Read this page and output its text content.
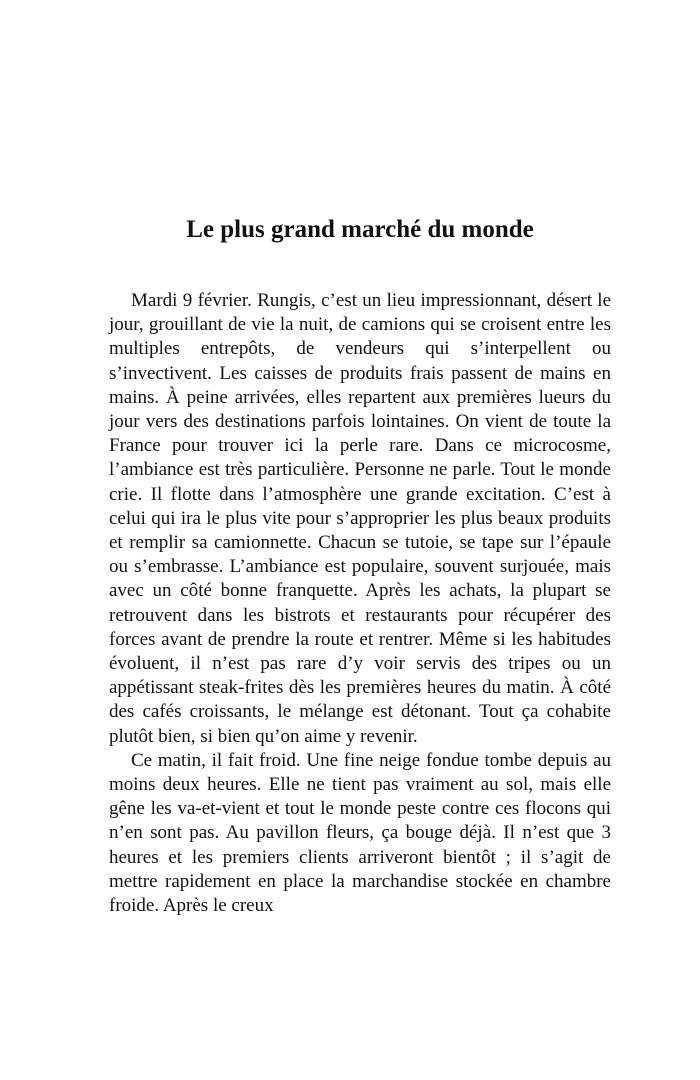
Le plus grand marché du monde

Mardi 9 février. Rungis, c’est un lieu impressionnant, désert le jour, grouillant de vie la nuit, de camions qui se croisent entre les multiples entrepôts, de vendeurs qui s’interpellent ou s’invectivent. Les caisses de produits frais passent de mains en mains. À peine arrivées, elles repartent aux premières lueurs du jour vers des destinations parfois lointaines. On vient de toute la France pour trouver ici la perle rare. Dans ce microcosme, l’ambiance est très particulière. Personne ne parle. Tout le monde crie. Il flotte dans l’atmosphère une grande excitation. C’est à celui qui ira le plus vite pour s’approprier les plus beaux produits et remplir sa camionnette. Chacun se tutoie, se tape sur l’épaule ou s’embrasse. L’ambiance est populaire, souvent surjouée, mais avec un côté bonne franquette. Après les achats, la plupart se retrouvent dans les bistrots et restaurants pour récupérer des forces avant de prendre la route et rentrer. Même si les habitudes évoluent, il n’est pas rare d’y voir servis des tripes ou un appétissant steak-frites dès les premières heures du matin. À côté des cafés croissants, le mélange est détonant. Tout ça cohabite plutôt bien, si bien qu’on aime y revenir.

Ce matin, il fait froid. Une fine neige fondue tombe depuis au moins deux heures. Elle ne tient pas vraiment au sol, mais elle gêne les va-et-vient et tout le monde peste contre ces flocons qui n’en sont pas. Au pavillon fleurs, ça bouge déjà. Il n’est que 3 heures et les premiers clients arriveront bientôt ; il s’agit de mettre rapidement en place la marchandise stockée en chambre froide. Après le creux
